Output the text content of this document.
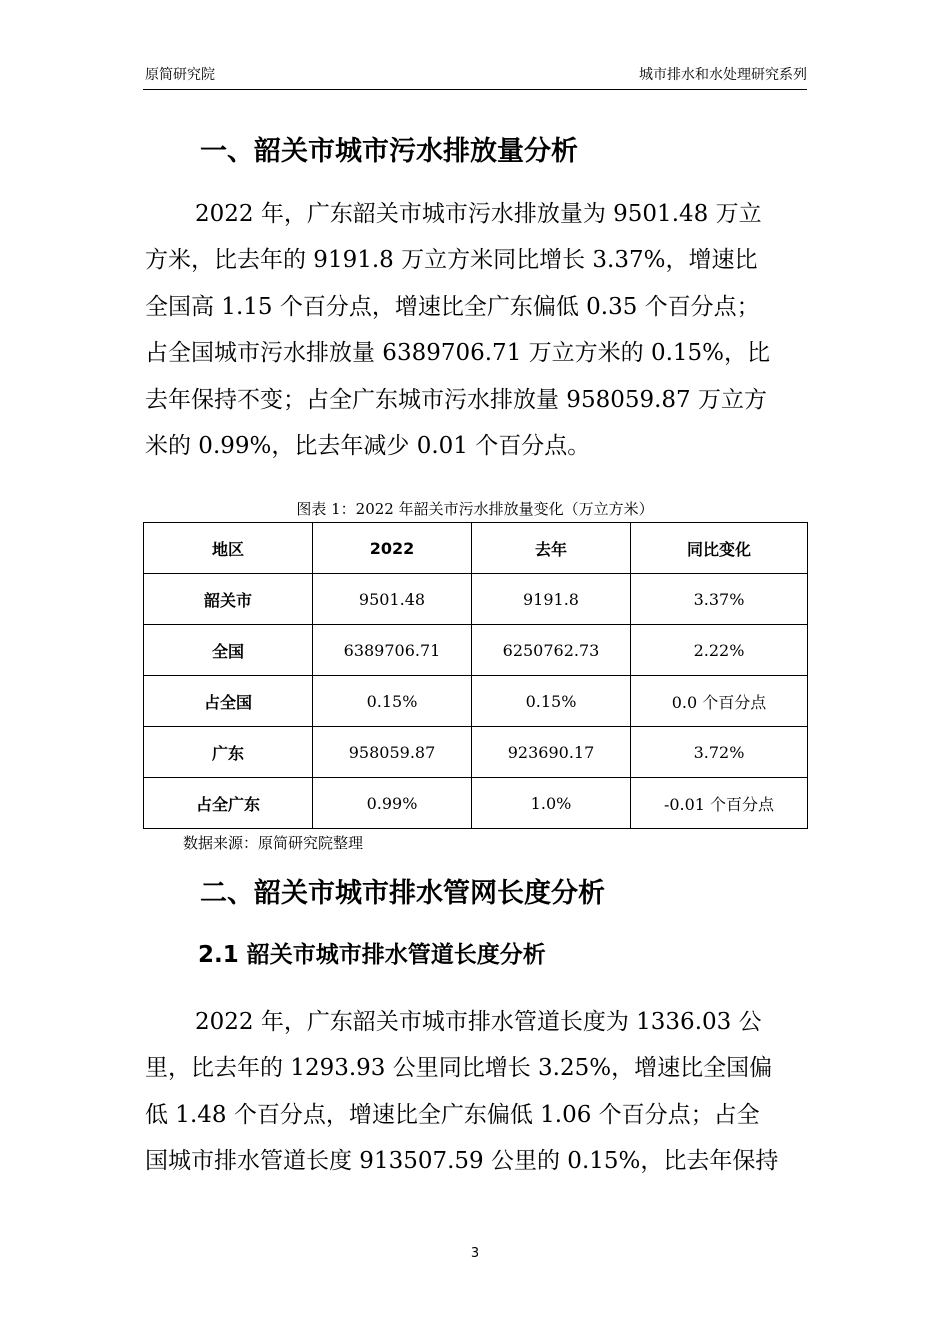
原简研究院	城市排水和水处理研究系列
一、韶关市城市污水排放量分析
2022 年，广东韶关市城市污水排放量为 9501.48 万立
方米，比去年的 9191.8 万立方米同比增长 3.37%，增速比
全国高 1.15 个百分点，增速比全广东偏低 0.35 个百分点；
占全国城市污水排放量 6389706.71 万立方米的 0.15%，比
去年保持不变；占全广东城市污水排放量 958059.87 万立方
米的 0.99%，比去年减少 0.01 个百分点。
图表 1：2022 年韶关市污水排放量变化（万立方米）
地区	2022	去年	同比变化
韶关市	9501.48	9191.8	3.37%
全国	6389706.71	6250762.73	2.22%
占全国	0.15%	0.15%	0.0 个百分点
广东	958059.87	923690.17	3.72%
占全广东	0.99%	1.0%	-0.01 个百分点
数据来源：原简研究院整理
二、韶关市城市排水管网长度分析
2.1 韶关市城市排水管道长度分析
2022 年，广东韶关市城市排水管道长度为 1336.03 公
里，比去年的 1293.93 公里同比增长 3.25%，增速比全国偏
低 1.48 个百分点，增速比全广东偏低 1.06 个百分点；占全
国城市排水管道长度 913507.59 公里的 0.15%，比去年保持
3
